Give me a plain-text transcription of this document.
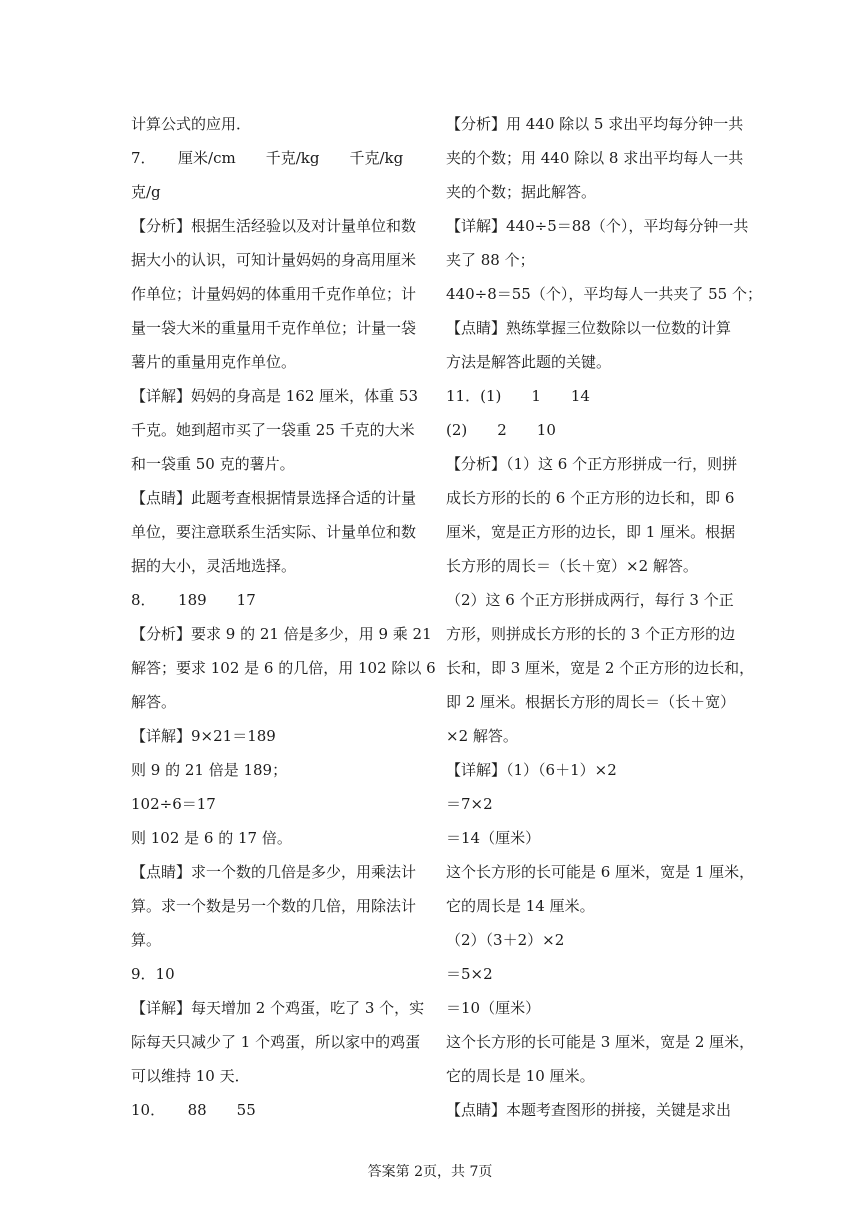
计算公式的应用．
7．　　厘米/cm　　千克/kg　　千克/kg
克/g
【分析】根据生活经验以及对计量单位和数
据大小的认识，可知计量妈妈的身高用厘米
作单位；计量妈妈的体重用千克作单位；计
量一袋大米的重量用千克作单位；计量一袋
薯片的重量用克作单位。
【详解】妈妈的身高是 162 厘米，体重 53
千克。她到超市买了一袋重 25 千克的大米
和一袋重 50 克的薯片。
【点睛】此题考查根据情景选择合适的计量
单位，要注意联系生活实际、计量单位和数
据的大小，灵活地选择。
8．　　189　　17
【分析】要求 9 的 21 倍是多少，用 9 乘 21
解答；要求 102 是 6 的几倍，用 102 除以 6
解答。
【详解】9×21＝189
则 9 的 21 倍是 189；
102÷6＝17
则 102 是 6 的 17 倍。
【点睛】求一个数的几倍是多少，用乘法计
算。求一个数是另一个数的几倍，用除法计
算。
9．10
【详解】每天增加 2 个鸡蛋，吃了 3 个，实
际每天只减少了 1 个鸡蛋，所以家中的鸡蛋
可以维持 10 天．
10．　　88　　55
【分析】用 440 除以 5 求出平均每分钟一共
夹的个数；用 440 除以 8 求出平均每人一共
夹的个数；据此解答。
【详解】440÷5＝88（个），平均每分钟一共
夹了 88 个；
440÷8＝55（个），平均每人一共夹了 55 个；
【点睛】熟练掌握三位数除以一位数的计算
方法是解答此题的关键。
11．(1)　　1　　14
(2)　　2　　10
【分析】（1）这 6 个正方形拼成一行，则拼
成长方形的长的 6 个正方形的边长和，即 6
厘米，宽是正方形的边长，即 1 厘米。根据
长方形的周长＝（长＋宽）×2 解答。
（2）这 6 个正方形拼成两行，每行 3 个正
方形，则拼成长方形的长的 3 个正方形的边
长和，即 3 厘米，宽是 2 个正方形的边长和，
即 2 厘米。根据长方形的周长＝（长＋宽）
×2 解答。
【详解】（1）（6＋1）×2
＝7×2
＝14（厘米）
这个长方形的长可能是 6 厘米，宽是 1 厘米，
它的周长是 14 厘米。
（2）（3＋2）×2
＝5×2
＝10（厘米）
这个长方形的长可能是 3 厘米，宽是 2 厘米，
它的周长是 10 厘米。
【点睛】本题考查图形的拼接，关键是求出
答案第 2页，共 7页
